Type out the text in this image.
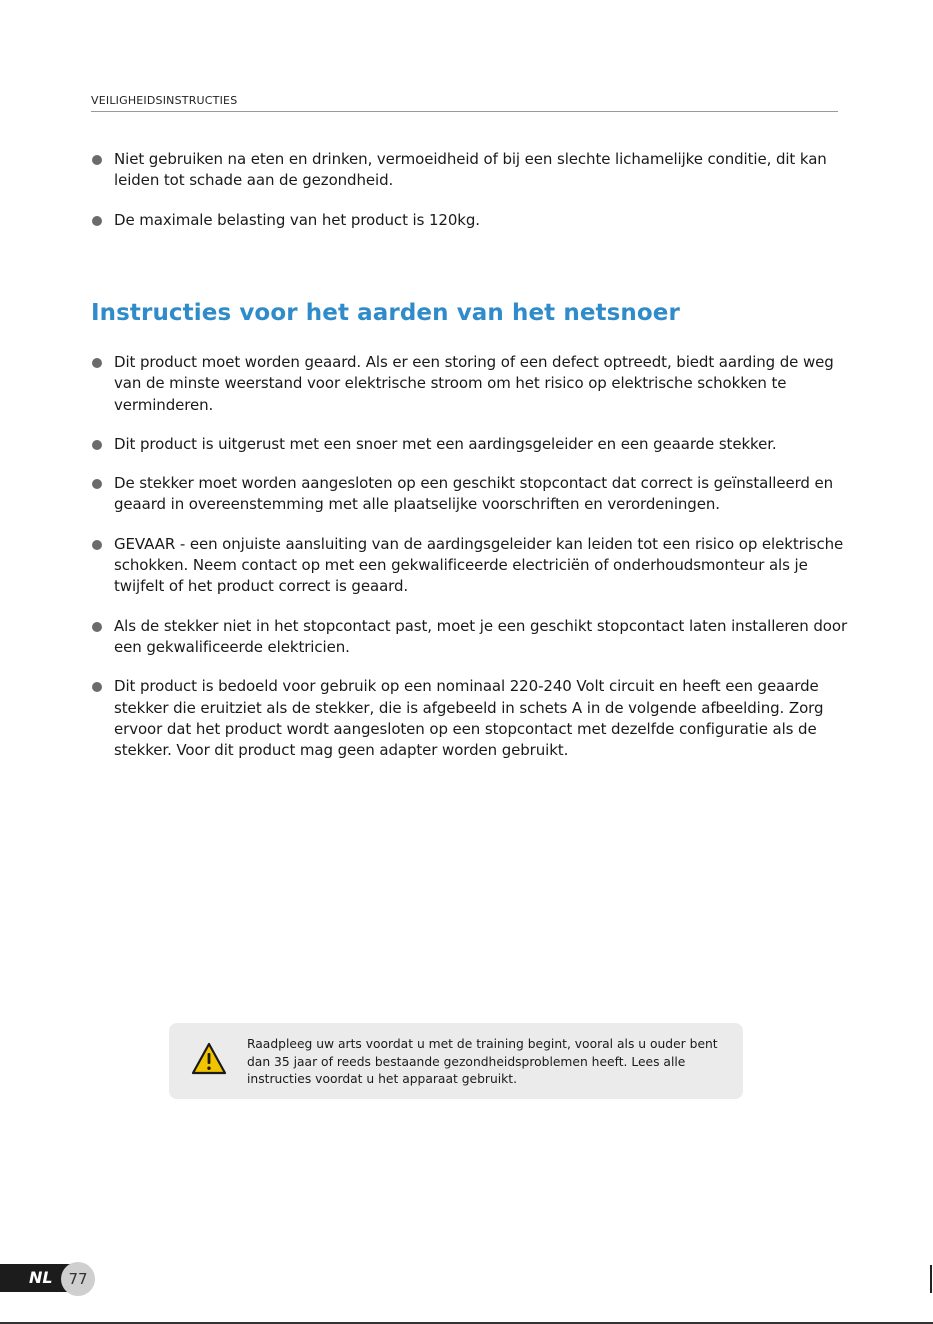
VEILIGHEIDSINSTRUCTIES
Niet gebruiken na eten en drinken, vermoeidheid of bij een slechte lichamelijke conditie, dit kan leiden tot schade aan de gezondheid.
De maximale belasting van het product is 120kg.
Instructies voor het aarden van het netsnoer
Dit product moet worden geaard. Als er een storing of een defect optreedt, biedt aarding de weg van de minste weerstand voor elektrische stroom om het risico op elektrische schokken te verminderen.
Dit product is uitgerust met een snoer met een aardingsgeleider en een geaarde stekker.
De stekker moet worden aangesloten op een geschikt stopcontact dat correct is geïnstalleerd en geaard in overeenstemming met alle plaatselijke voorschriften en verordeningen.
GEVAAR - een onjuiste aansluiting van de aardingsgeleider kan leiden tot een risico op elektrische schokken. Neem contact op met een gekwalificeerde electriciën of onderhoudsmonteur als je twijfelt of het product correct is geaard.
Als de stekker niet in het stopcontact past, moet je een geschikt stopcontact laten installeren door een gekwalificeerde elektricien.
Dit product is bedoeld voor gebruik op een nominaal 220-240 Volt circuit en heeft een geaarde stekker die eruitziet als de stekker, die is afgebeeld in schets A in de volgende afbeelding. Zorg ervoor dat het product wordt aangesloten op een stopcontact met dezelfde configuratie als de stekker. Voor dit product mag geen adapter worden gebruikt.
Raadpleeg uw arts voordat u met de training begint, vooral als u ouder bent dan 35 jaar of reeds bestaande gezondheidsproblemen heeft. Lees alle instructies voordat u het apparaat gebruikt.
NL	77
